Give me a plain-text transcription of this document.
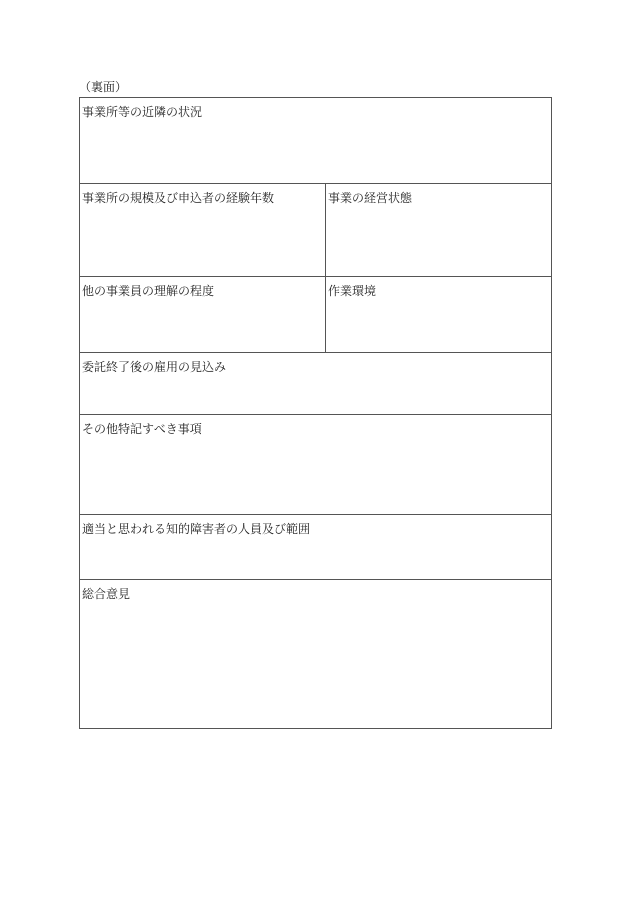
（裏面）
事業所等の近隣の状況
事業所の規模及び申込者の経験年数	事業の経営状態
他の事業員の理解の程度	作業環境
委託終了後の雇用の見込み
その他特記すべき事項
適当と思われる知的障害者の人員及び範囲
総合意見
